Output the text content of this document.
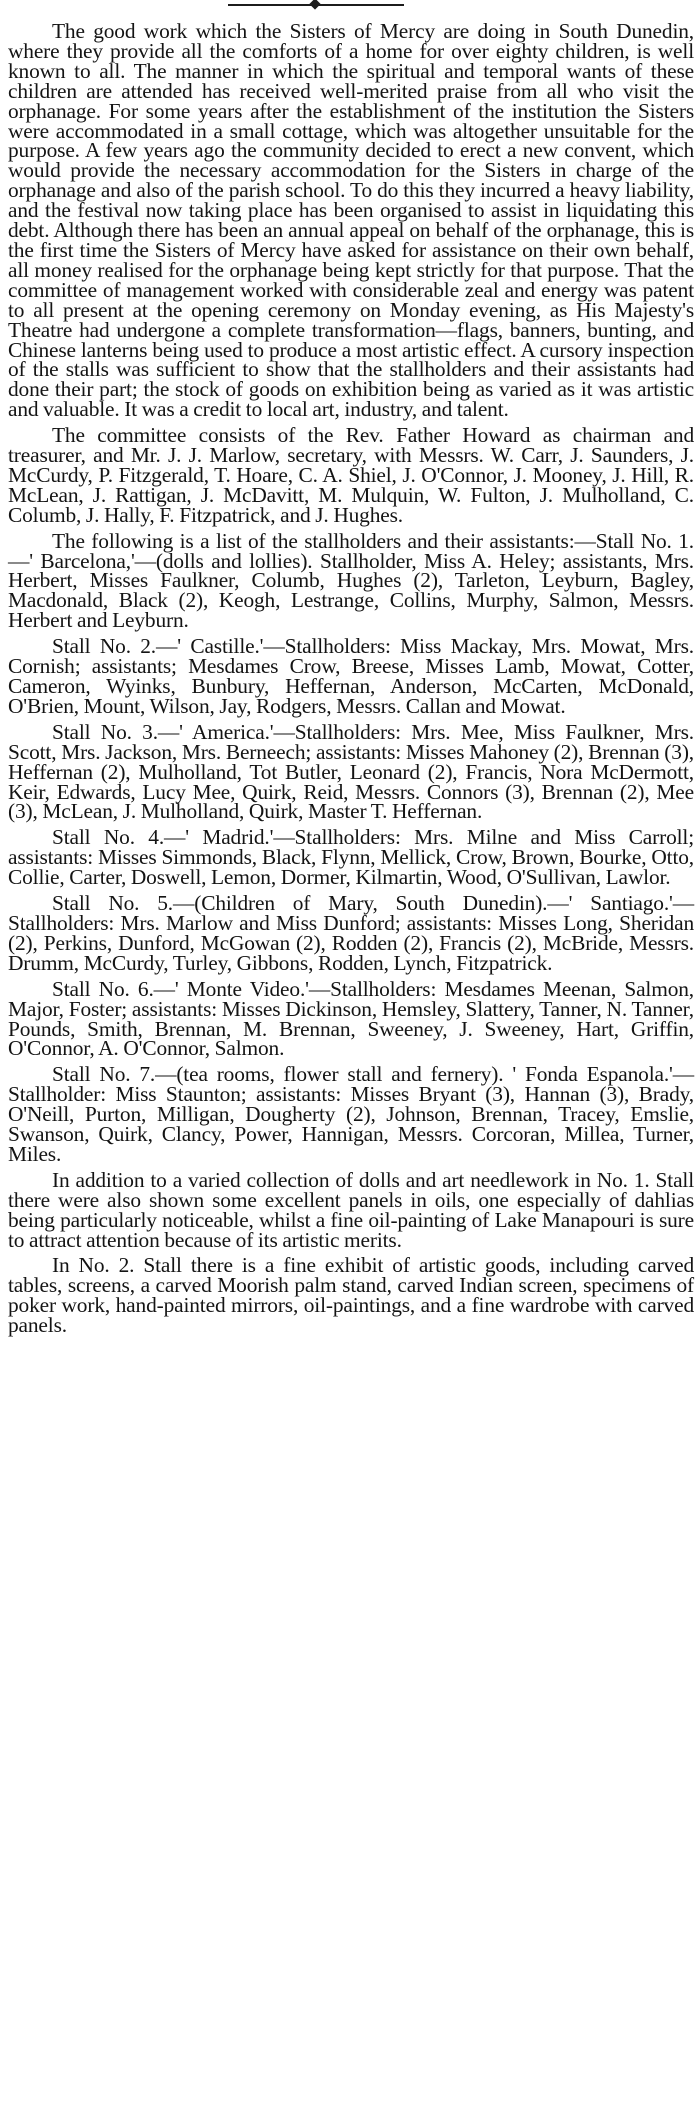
The good work which the Sisters of Mercy are doing in South Dunedin, where they provide all the comforts of a home for over eighty children, is well known to all. The manner in which the spiritual and temporal wants of these children are attended has received well-merited praise from all who visit the orphanage. For some years after the establishment of the institution the Sisters were accommodated in a small cottage, which was altogether unsuitable for the purpose. A few years ago the community decided to erect a new convent, which would provide the necessary accommodation for the Sisters in charge of the orphanage and also of the parish school. To do this they incurred a heavy liability, and the festival now taking place has been organised to assist in liquidating this debt. Although there has been an annual appeal on behalf of the orphanage, this is the first time the Sisters of Mercy have asked for assistance on their own behalf, all money realised for the orphanage being kept strictly for that purpose. That the committee of management worked with considerable zeal and energy was patent to all present at the opening ceremony on Monday evening, as His Majesty's Theatre had undergone a complete transformation—flags, banners, bunting, and Chinese lanterns being used to produce a most artistic effect. A cursory inspection of the stalls was sufficient to show that the stallholders and their assistants had done their part; the stock of goods on exhibition being as varied as it was artistic and valuable. It was a credit to local art, industry, and talent.

The committee consists of the Rev. Father Howard as chairman and treasurer, and Mr. J. J. Marlow, secretary, with Messrs. W. Carr, J. Saunders, J. McCurdy, P. Fitzgerald, T. Hoare, C. A. Shiel, J. O'Connor, J. Mooney, J. Hill, R. McLean, J. Rattigan, J. McDavitt, M. Mulquin, W. Fulton, J. Mulholland, C. Columb, J. Hally, F. Fitzpatrick, and J. Hughes.

The following is a list of the stallholders and their assistants:—Stall No. 1.—' Barcelona,'—(dolls and lollies). Stallholder, Miss A. Heley; assistants, Mrs. Herbert, Misses Faulkner, Columb, Hughes (2), Tarleton, Leyburn, Bagley, Macdonald, Black (2), Keogh, Lestrange, Collins, Murphy, Salmon, Messrs. Herbert and Leyburn.

Stall No. 2.—' Castille.'—Stallholders: Miss Mackay, Mrs. Mowat, Mrs. Cornish; assistants; Mesdames Crow, Breese, Misses Lamb, Mowat, Cotter, Cameron, Wyinks, Bunbury, Heffernan, Anderson, McCarten, McDonald, O'Brien, Mount, Wilson, Jay, Rodgers, Messrs. Callan and Mowat.

Stall No. 3.—' America.'—Stallholders: Mrs. Mee, Miss Faulkner, Mrs. Scott, Mrs. Jackson, Mrs. Berneech; assistants: Misses Mahoney (2), Brennan (3), Heffernan (2), Mulholland, Tot Butler, Leonard (2), Francis, Nora McDermott, Keir, Edwards, Lucy Mee, Quirk, Reid, Messrs. Connors (3), Brennan (2), Mee (3), McLean, J. Mulholland, Quirk, Master T. Heffernan.

Stall No. 4.—' Madrid.'—Stallholders: Mrs. Milne and Miss Carroll; assistants: Misses Simmonds, Black, Flynn, Mellick, Crow, Brown, Bourke, Otto, Collie, Carter, Doswell, Lemon, Dormer, Kilmartin, Wood, O'Sullivan, Lawlor.

Stall No. 5.—(Children of Mary, South Dunedin).—' Santiago.'—Stallholders: Mrs. Marlow and Miss Dunford; assistants: Misses Long, Sheridan (2), Perkins, Dunford, McGowan (2), Rodden (2), Francis (2), McBride, Messrs. Drumm, McCurdy, Turley, Gibbons, Rodden, Lynch, Fitzpatrick.

Stall No. 6.—' Monte Video.'—Stallholders: Mesdames Meenan, Salmon, Major, Foster; assistants: Misses Dickinson, Hemsley, Slattery, Tanner, N. Tanner, Pounds, Smith, Brennan, M. Brennan, Sweeney, J. Sweeney, Hart, Griffin, O'Connor, A. O'Connor, Salmon.

Stall No. 7.—(tea rooms, flower stall and fernery). ' Fonda Espanola.'—Stallholder: Miss Staunton; assistants: Misses Bryant (3), Hannan (3), Brady, O'Neill, Purton, Milligan, Dougherty (2), Johnson, Brennan, Tracey, Emslie, Swanson, Quirk, Clancy, Power, Hannigan, Messrs. Corcoran, Millea, Turner, Miles.

In addition to a varied collection of dolls and art needlework in No. 1. Stall there were also shown some excellent panels in oils, one especially of dahlias being particularly noticeable, whilst a fine oil-painting of Lake Manapouri is sure to attract attention because of its artistic merits.

In No. 2. Stall there is a fine exhibit of artistic goods, including carved tables, screens, a carved Moorish palm stand, carved Indian screen, specimens of poker work, hand-painted mirrors, oil-paintings, and a fine wardrobe with carved panels.
